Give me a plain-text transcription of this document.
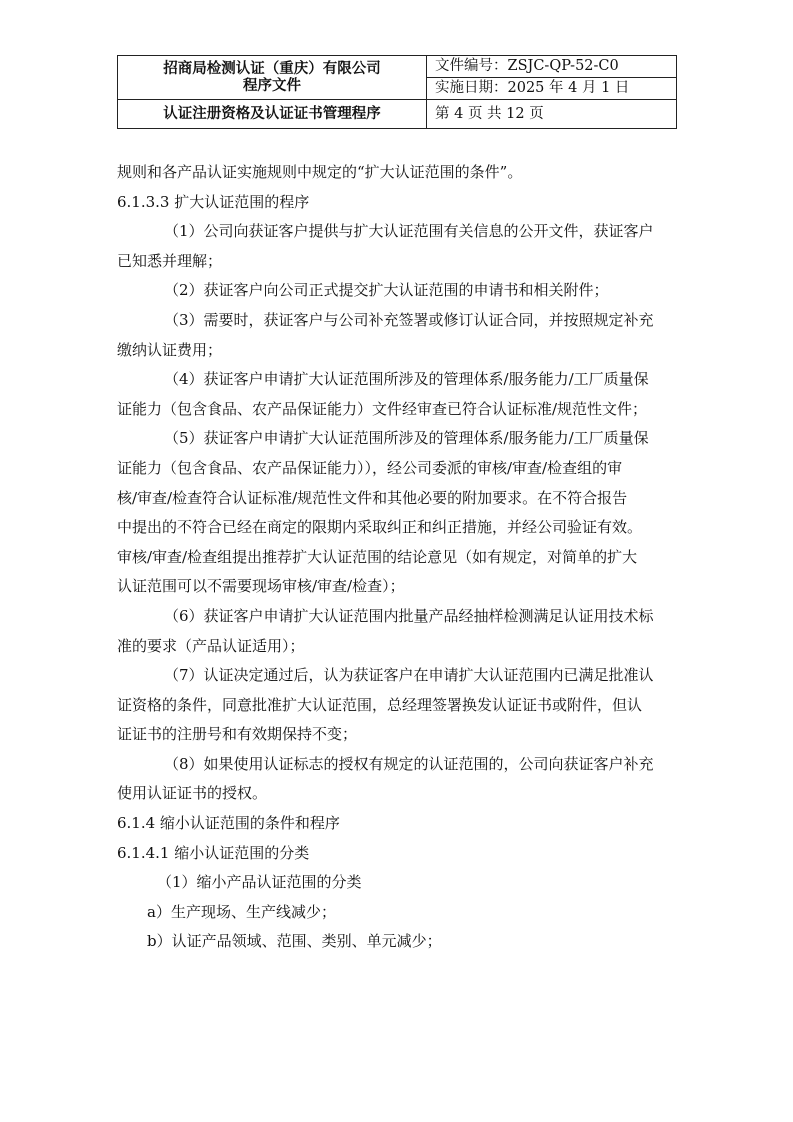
招商局检测认证（重庆）有限公司
程序文件	文件编号：ZSJC-QP-52-C0
	实施日期：2025 年 4 月 1 日
认证注册资格及认证证书管理程序	第 4 页 共 12 页

规则和各产品认证实施规则中规定的“扩大认证范围的条件”。

6.1.3.3 扩大认证范围的程序

（1）公司向获证客户提供与扩大认证范围有关信息的公开文件，获证客户

已知悉并理解；

（2）获证客户向公司正式提交扩大认证范围的申请书和相关附件；

（3）需要时，获证客户与公司补充签署或修订认证合同，并按照规定补充

缴纳认证费用；

（4）获证客户申请扩大认证范围所涉及的管理体系/服务能力/工厂质量保

证能力（包含食品、农产品保证能力）文件经审查已符合认证标准/规范性文件；

（5）获证客户申请扩大认证范围所涉及的管理体系/服务能力/工厂质量保

证能力（包含食品、农产品保证能力）），经公司委派的审核/审查/检查组的审

核/审查/检查符合认证标准/规范性文件和其他必要的附加要求。在不符合报告

中提出的不符合已经在商定的限期内采取纠正和纠正措施，并经公司验证有效。

审核/审查/检查组提出推荐扩大认证范围的结论意见（如有规定，对简单的扩大

认证范围可以不需要现场审核/审查/检查）；

（6）获证客户申请扩大认证范围内批量产品经抽样检测满足认证用技术标

准的要求（产品认证适用）；

（7）认证决定通过后，认为获证客户在申请扩大认证范围内已满足批准认

证资格的条件，同意批准扩大认证范围，总经理签署换发认证证书或附件，但认

证证书的注册号和有效期保持不变；

（8）如果使用认证标志的授权有规定的认证范围的，公司向获证客户补充

使用认证证书的授权。

6.1.4 缩小认证范围的条件和程序

6.1.4.1 缩小认证范围的分类

（1）缩小产品认证范围的分类

a）生产现场、生产线减少；

b）认证产品领域、范围、类别、单元减少；
